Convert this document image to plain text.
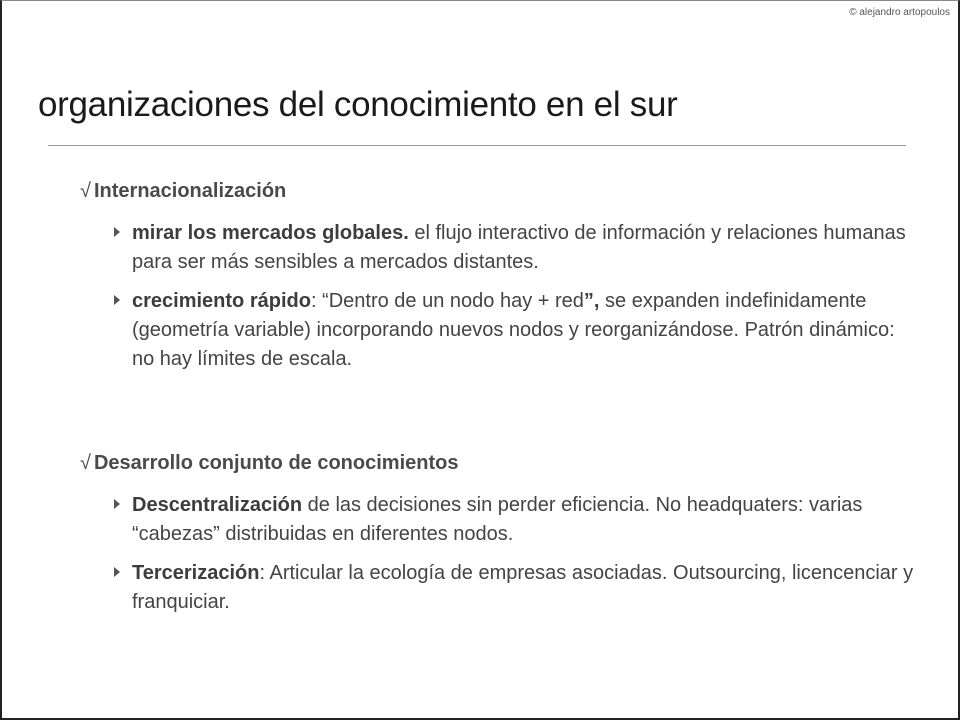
© alejandro artopoulos
organizaciones del conocimiento en el sur
√ Internacionalización
mirar los mercados globales. el flujo interactivo de información y relaciones humanas para ser más sensibles a mercados distantes.
crecimiento rápido: “Dentro de un nodo hay + red”, se expanden indefinidamente (geometría variable) incorporando nuevos nodos y reorganizándose. Patrón dinámico: no hay límites de escala.
√ Desarrollo conjunto de conocimientos
Descentralización de las decisiones sin perder eficiencia. No headquaters: varias “cabezas” distribuidas en diferentes nodos.
Tercerización: Articular la ecología de empresas asociadas. Outsourcing, licencenciar y franquiciar.
